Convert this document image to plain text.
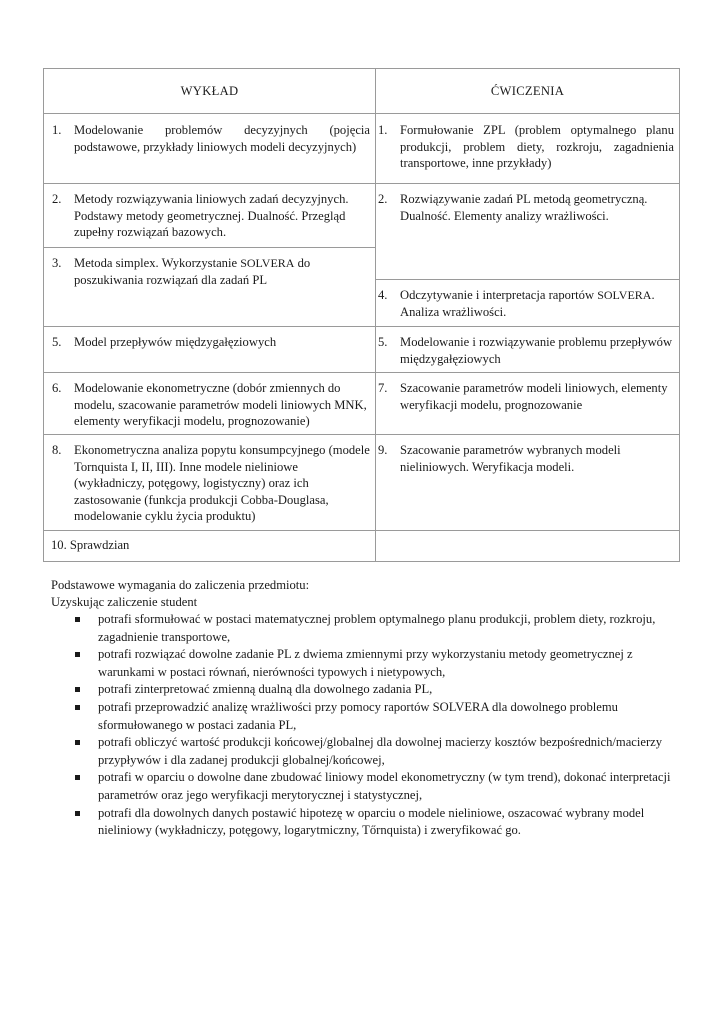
WYKŁAD	ĆWICZENIA

1. Modelowanie problemów decyzyjnych (pojęcia podstawowe, przykłady liniowych modeli decyzyjnych)	1. Formułowanie ZPL (problem optymalnego planu produkcji, problem diety, rozkroju, zagadnienia transportowe, inne przykłady)

2. Metody rozwiązywania liniowych zadań decyzyjnych. Podstawy metody geometrycznej. Dualność. Przegląd zupełny rozwiązań bazowych.	2. Rozwiązywanie zadań PL metodą geometryczną. Dualność. Elementy analizy wrażliwości.

3. Metoda simplex. Wykorzystanie SOLVERA do poszukiwania rozwiązań dla zadań PL	

	4. Odczytywanie i interpretacja raportów SOLVERA.
Analiza wrażliwości.

5. Model przepływów międzygałęziowych	5. Modelowanie i rozwiązywanie problemu przepływów międzygałęziowych

6. Modelowanie ekonometryczne (dobór zmiennych do modelu, szacowanie parametrów modeli liniowych MNK, elementy weryfikacji modelu, prognozowanie)	7. Szacowanie parametrów modeli liniowych, elementy weryfikacji modelu, prognozowanie

8. Ekonometryczna analiza popytu konsumpcyjnego (modele Tornquista I, II, III). Inne modele nieliniowe (wykładniczy, potęgowy, logistyczny) oraz ich zastosowanie (funkcja produkcji Cobba-Douglasa, modelowanie cyklu życia produktu)	9. Szacowanie parametrów wybranych modeli nieliniowych. Weryfikacja modeli.

10. Sprawdzian	

Podstawowe wymagania do zaliczenia przedmiotu:

Uzyskując zaliczenie student

potrafi sformułować w postaci matematycznej problem optymalnego planu produkcji, problem diety, rozkroju, zagadnienie transportowe,
potrafi rozwiązać dowolne zadanie PL z dwiema zmiennymi przy wykorzystaniu metody geometrycznej z warunkami w postaci równań, nierówności typowych i nietypowych,
potrafi zinterpretować zmienną dualną dla dowolnego zadania PL,
potrafi przeprowadzić analizę wrażliwości przy pomocy raportów SOLVERA dla dowolnego problemu sformułowanego w postaci zadania PL,
potrafi obliczyć wartość produkcji końcowej/globalnej dla dowolnej macierzy kosztów bezpośrednich/macierzy przypływów i dla zadanej produkcji globalnej/końcowej,
potrafi w oparciu o dowolne dane zbudować liniowy model ekonometryczny (w tym trend), dokonać interpretacji parametrów oraz jego weryfikacji merytorycznej i statystycznej,
potrafi dla dowolnych danych postawić hipotezę w oparciu o modele nieliniowe, oszacować wybrany model nieliniowy (wykładniczy, potęgowy, logarytmiczny, Tőrnquista) i zweryfikować go.
